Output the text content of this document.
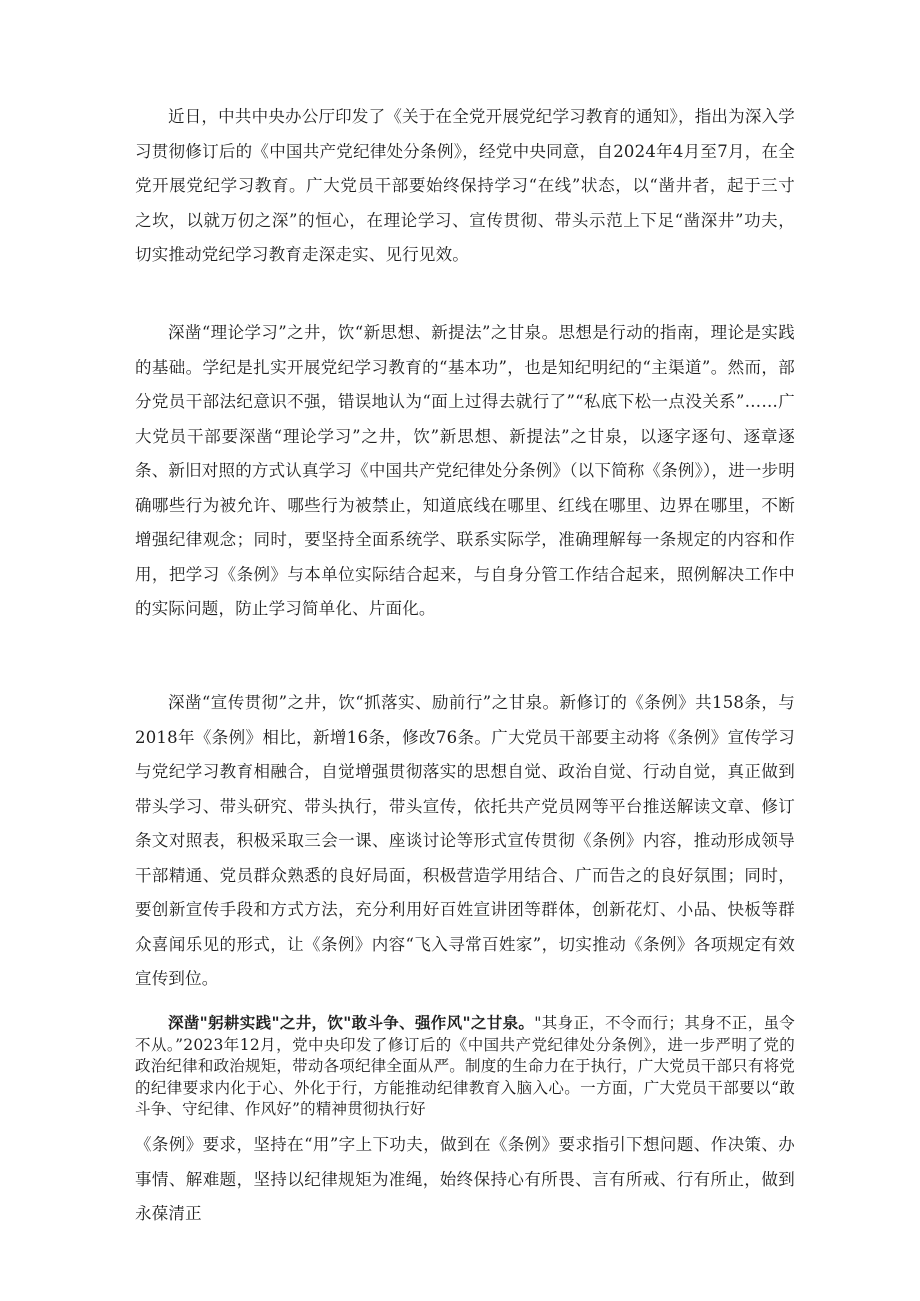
近日，中共中央办公厅印发了《关于在全党开展党纪学习教育的通知》，指出为深入学习贯彻修订后的《中国共产党纪律处分条例》，经党中央同意，自2024年4月至7月，在全党开展党纪学习教育。广大党员干部要始终保持学习“在线”状态，以“凿井者，起于三寸之坎，以就万仞之深”的恒心，在理论学习、宣传贯彻、带头示范上下足“凿深井”功夫，切实推动党纪学习教育走深走实、见行见效。

深凿“理论学习”之井，饮“新思想、新提法”之甘泉。思想是行动的指南，理论是实践的基础。学纪是扎实开展党纪学习教育的“基本功”，也是知纪明纪的“主渠道”。然而，部分党员干部法纪意识不强，错误地认为“面上过得去就行了”“私底下松一点没关系”……广大党员干部要深凿“理论学习”之井，饮”新思想、新提法”之甘泉，以逐字逐句、逐章逐条、新旧对照的方式认真学习《中国共产党纪律处分条例》（以下简称《条例》），进一步明确哪些行为被允许、哪些行为被禁止，知道底线在哪里、红线在哪里、边界在哪里，不断增强纪律观念；同时，要坚持全面系统学、联系实际学，准确理解每一条规定的内容和作用，把学习《条例》与本单位实际结合起来，与自身分管工作结合起来，照例解决工作中的实际问题，防止学习简单化、片面化。

深凿“宣传贯彻”之井，饮“抓落实、励前行”之甘泉。新修订的《条例》共158条，与2018年《条例》相比，新增16条，修改76条。广大党员干部要主动将《条例》宣传学习与党纪学习教育相融合，自觉增强贯彻落实的思想自觉、政治自觉、行动自觉，真正做到带头学习、带头研究、带头执行，带头宣传，依托共产党员网等平台推送解读文章、修订条文对照表，积极采取三会一课、座谈讨论等形式宣传贯彻《条例》内容，推动形成领导干部精通、党员群众熟悉的良好局面，积极营造学用结合、广而告之的良好氛围；同时，要创新宣传手段和方式方法，充分利用好百姓宣讲团等群体，创新花灯、小品、快板等群众喜闻乐见的形式，让《条例》内容“飞入寻常百姓家”，切实推动《条例》各项规定有效宣传到位。

深凿"躬耕实践"之井，饮"敢斗争、强作风"之甘泉。"其身正，不令而行；其身不正，虽令不从。”2023年12月，党中央印发了修订后的《中国共产党纪律处分条例》，进一步严明了党的政治纪律和政治规矩，带动各项纪律全面从严。制度的生命力在于执行，广大党员干部只有将党的纪律要求内化于心、外化于行，方能推动纪律教育入脑入心。一方面，广大党员干部要以“敢斗争、守纪律、作风好”的精神贯彻执行好

《条例》要求，坚持在“用”字上下功夫，做到在《条例》要求指引下想问题、作决策、办事情、解难题，坚持以纪律规矩为准绳，始终保持心有所畏、言有所戒、行有所止，做到永葆清正
